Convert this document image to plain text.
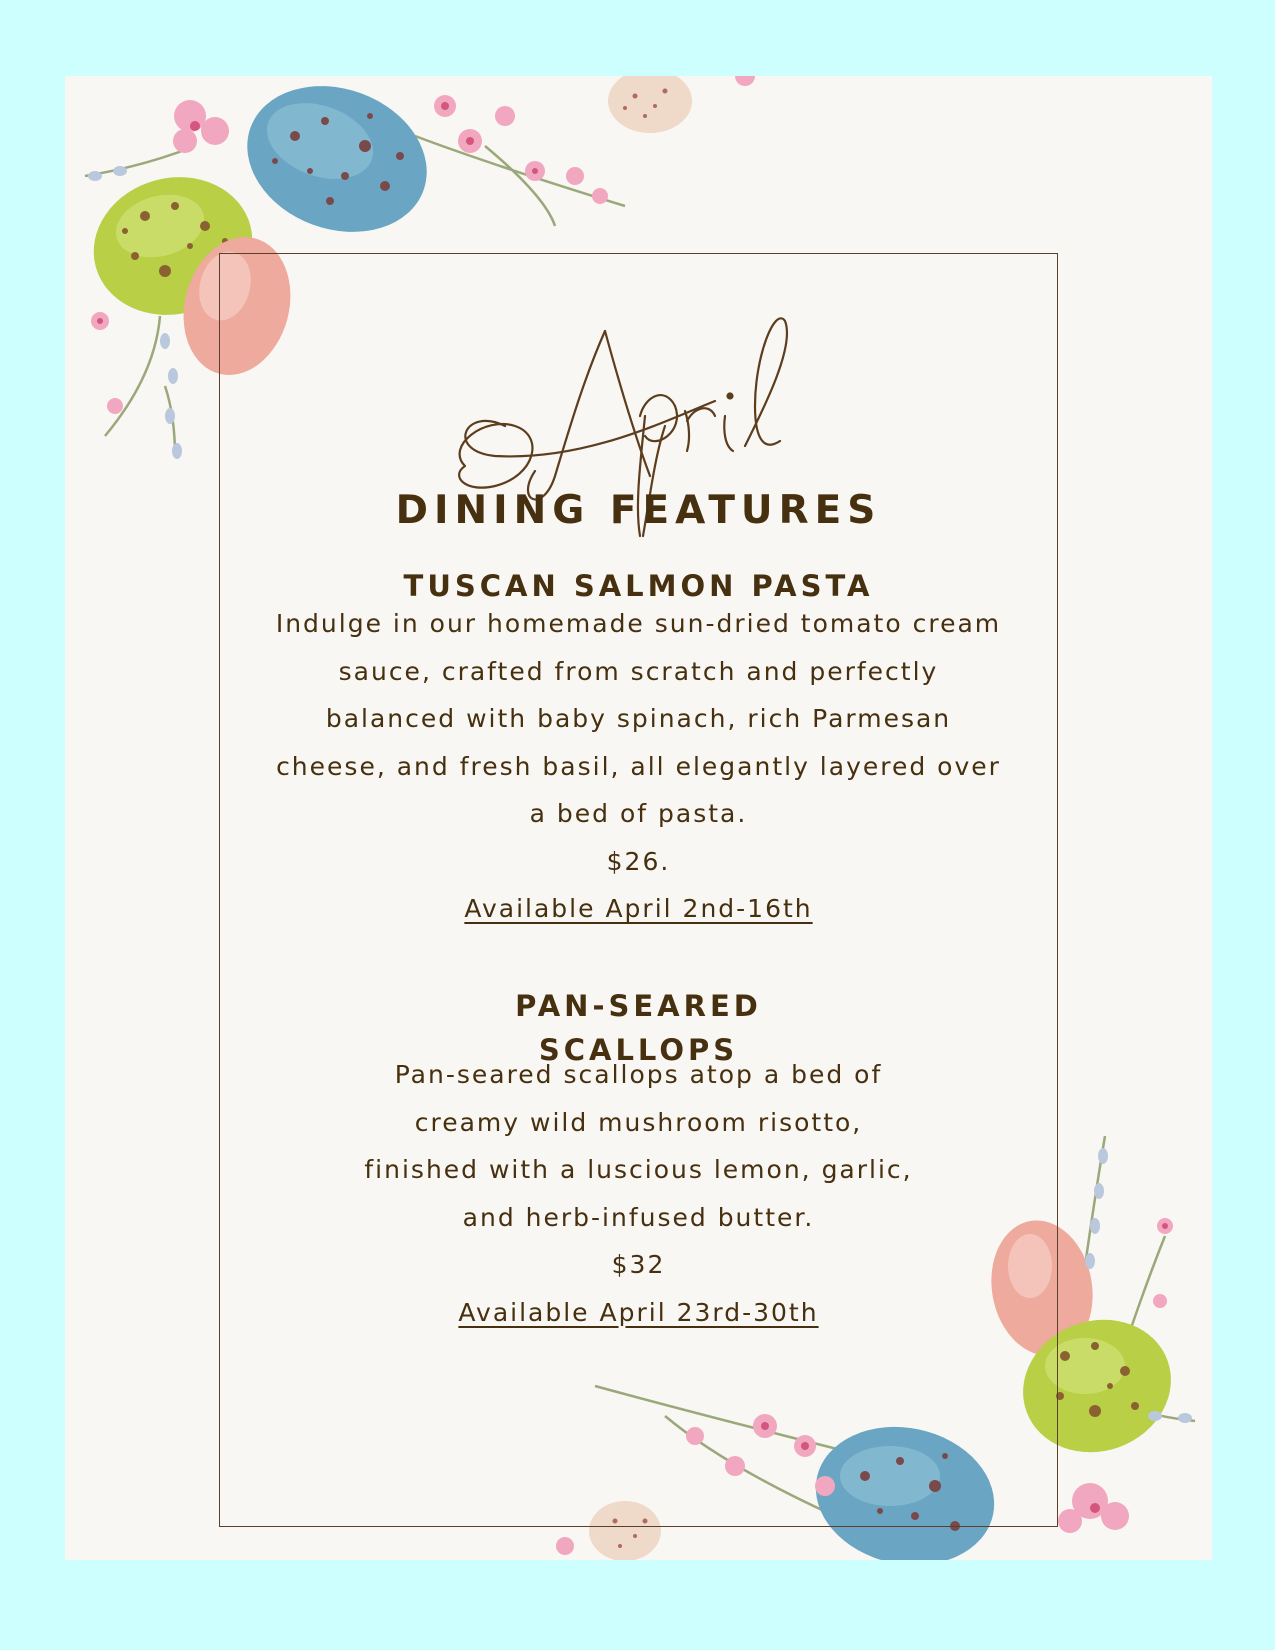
DINING FEATURES
TUSCAN SALMON PASTA
Indulge in our homemade sun-dried tomato cream
sauce, crafted from scratch and perfectly
balanced with baby spinach, rich Parmesan
cheese, and fresh basil, all elegantly layered over
a bed of pasta.
$26.
Available April 2nd-16th
PAN-SEARED
SCALLOPS
Pan-seared scallops atop a bed of
creamy wild mushroom risotto,
finished with a luscious lemon, garlic,
and herb-infused butter.
$32
Available April 23rd-30th
